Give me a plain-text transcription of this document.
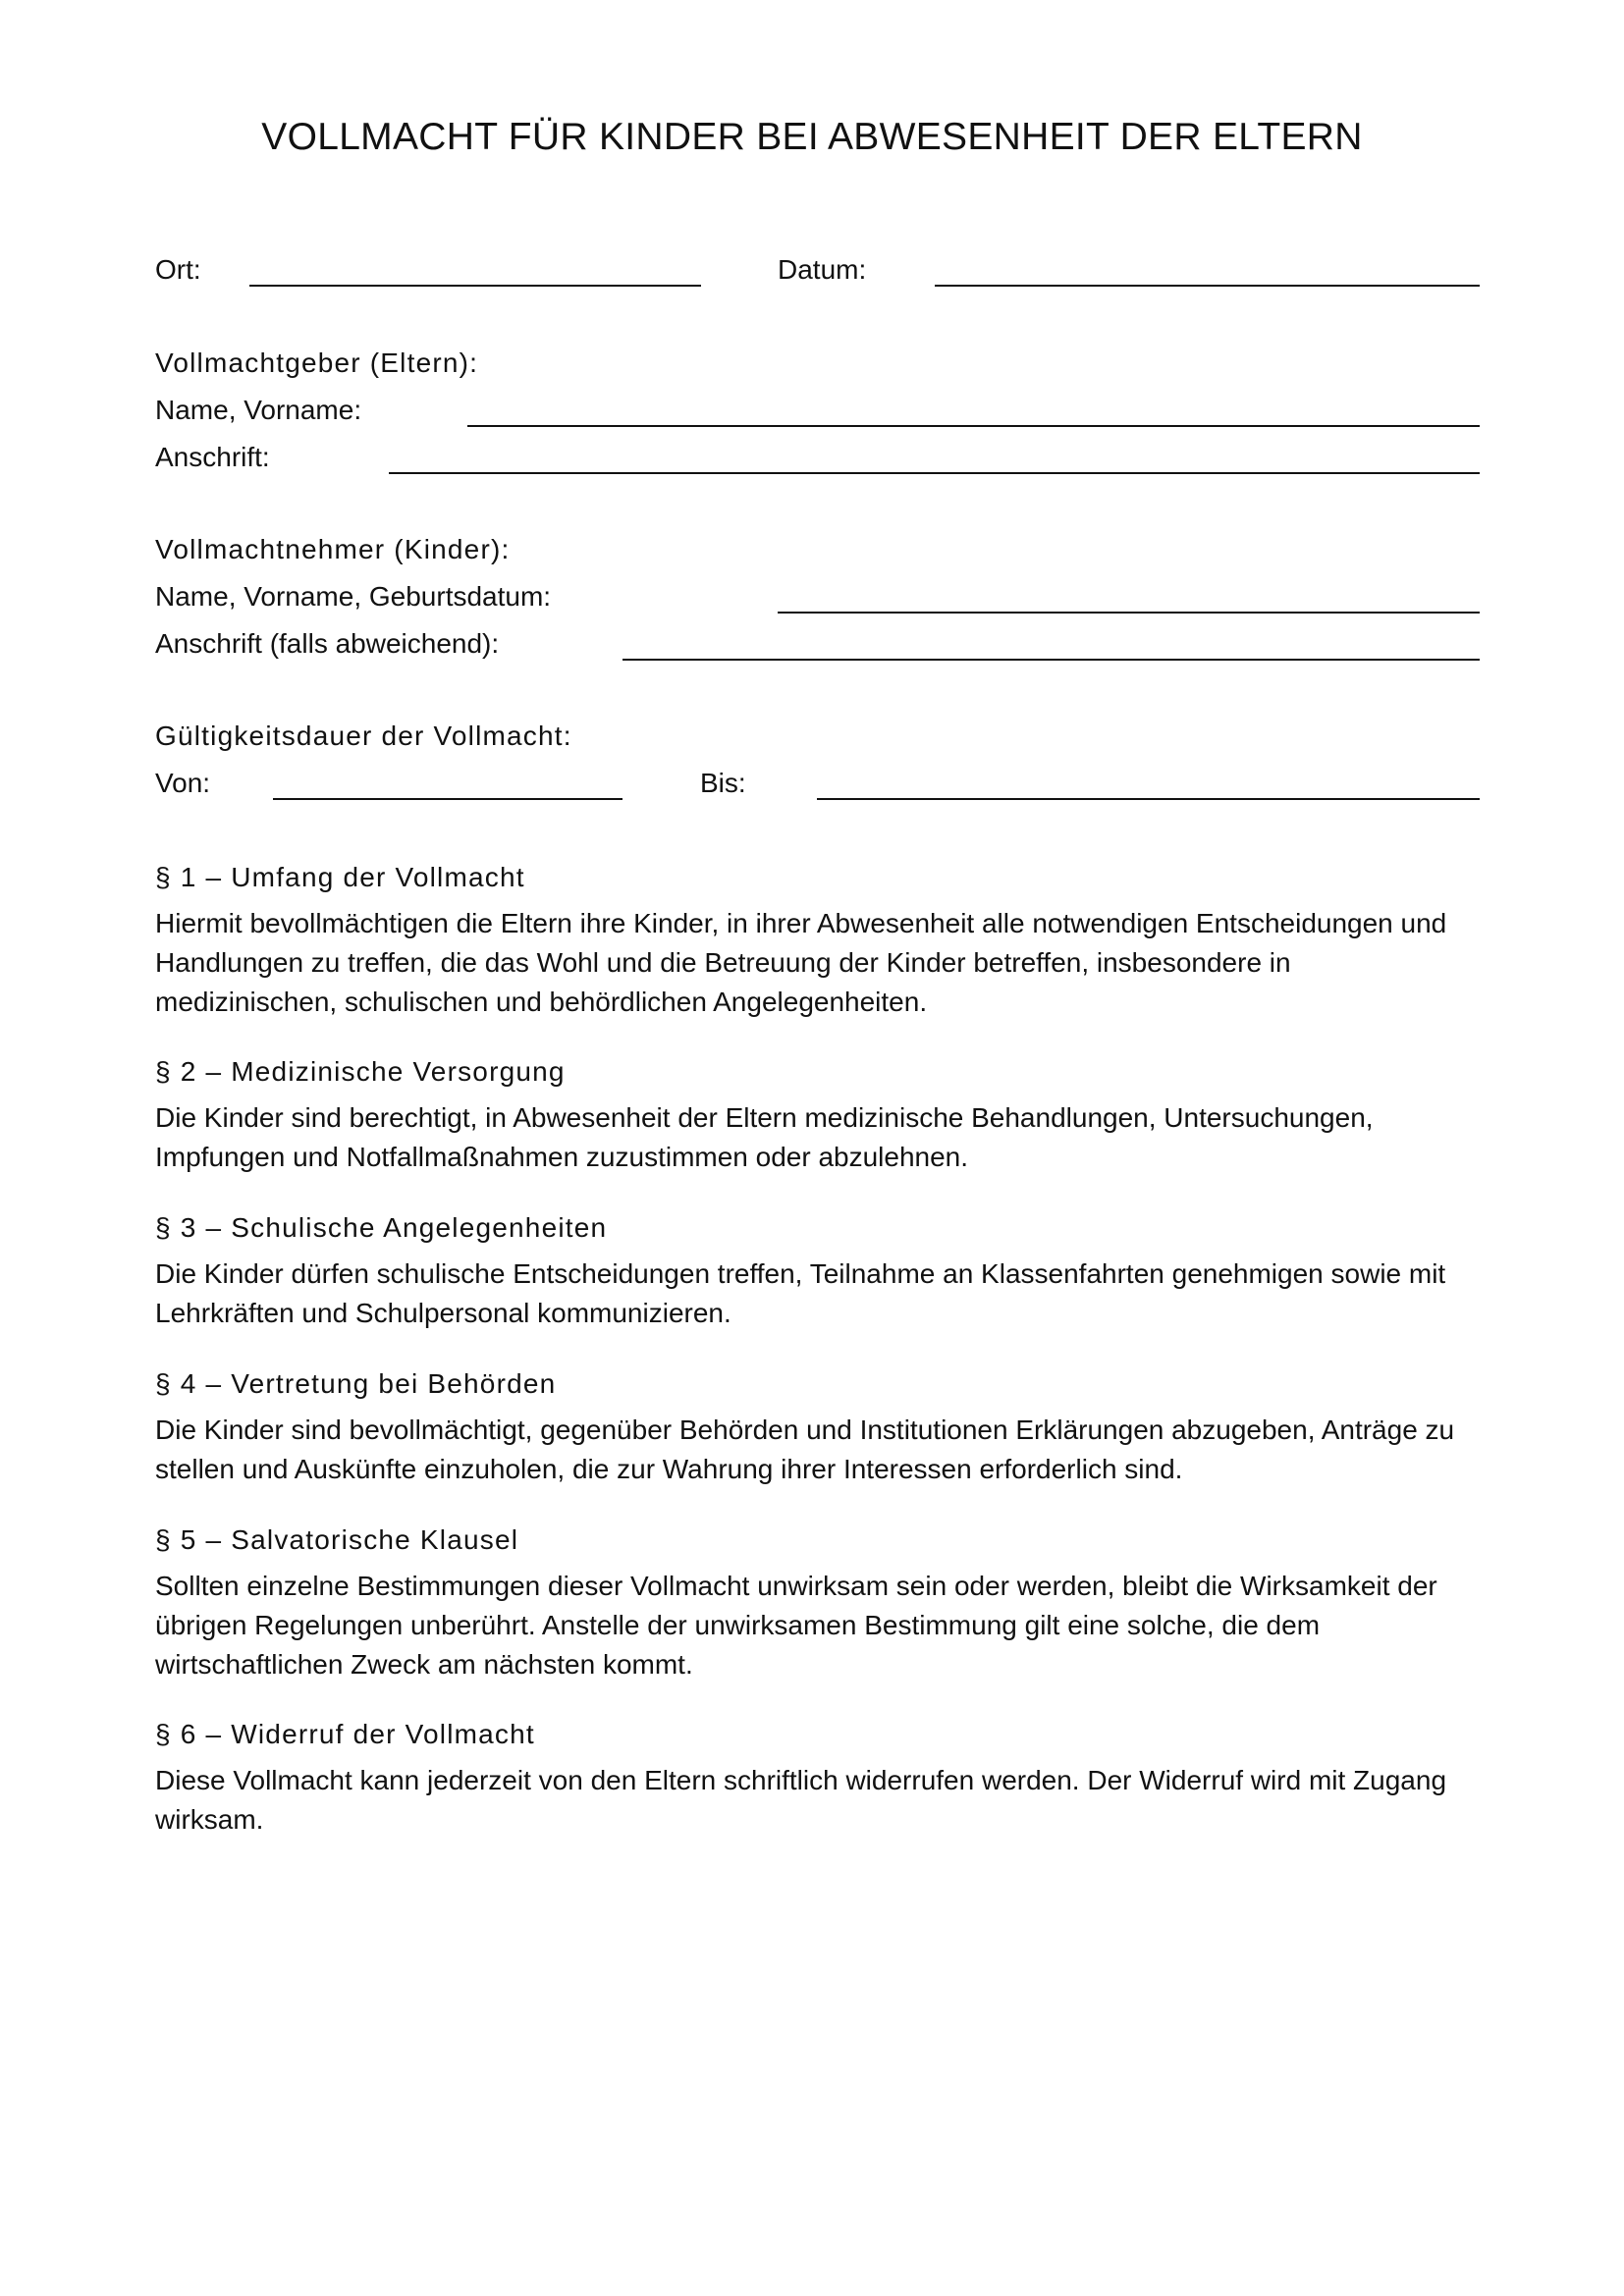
VOLLMACHT FÜR KINDER BEI ABWESENHEIT DER ELTERN
Ort:	Datum:
Vollmachtgeber (Eltern):
Name, Vorname:
Anschrift:
Vollmachtnehmer (Kinder):
Name, Vorname, Geburtsdatum:
Anschrift (falls abweichend):
Gültigkeitsdauer der Vollmacht:
Von:	Bis:
§ 1 – Umfang der Vollmacht
Hiermit bevollmächtigen die Eltern ihre Kinder, in ihrer Abwesenheit alle notwendigen Entscheidungen und
Handlungen zu treffen, die das Wohl und die Betreuung der Kinder betreffen, insbesondere in
medizinischen, schulischen und behördlichen Angelegenheiten.
§ 2 – Medizinische Versorgung
Die Kinder sind berechtigt, in Abwesenheit der Eltern medizinische Behandlungen, Untersuchungen,
Impfungen und Notfallmaßnahmen zuzustimmen oder abzulehnen.
§ 3 – Schulische Angelegenheiten
Die Kinder dürfen schulische Entscheidungen treffen, Teilnahme an Klassenfahrten genehmigen sowie mit
Lehrkräften und Schulpersonal kommunizieren.
§ 4 – Vertretung bei Behörden
Die Kinder sind bevollmächtigt, gegenüber Behörden und Institutionen Erklärungen abzugeben, Anträge zu
stellen und Auskünfte einzuholen, die zur Wahrung ihrer Interessen erforderlich sind.
§ 5 – Salvatorische Klausel
Sollten einzelne Bestimmungen dieser Vollmacht unwirksam sein oder werden, bleibt die Wirksamkeit der
übrigen Regelungen unberührt. Anstelle der unwirksamen Bestimmung gilt eine solche, die dem
wirtschaftlichen Zweck am nächsten kommt.
§ 6 – Widerruf der Vollmacht
Diese Vollmacht kann jederzeit von den Eltern schriftlich widerrufen werden. Der Widerruf wird mit Zugang
wirksam.
